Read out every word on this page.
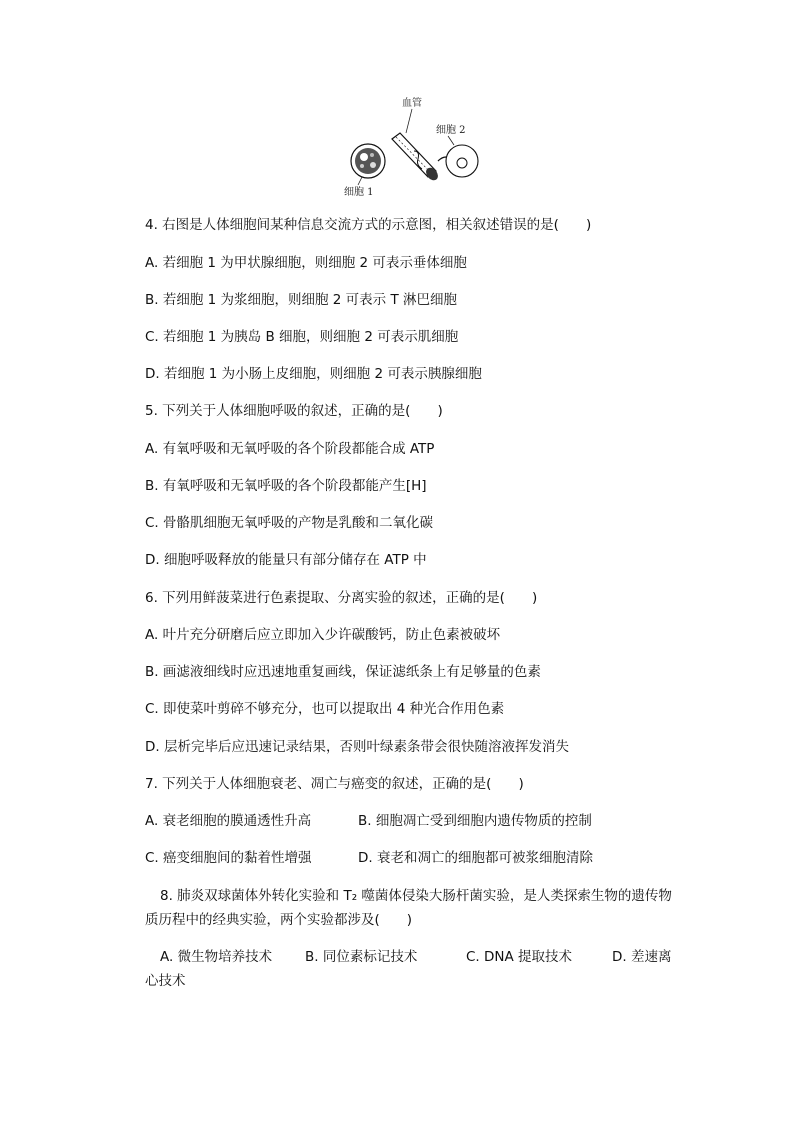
血管
细胞 2
细胞 1
4. 右图是人体细胞间某种信息交流方式的示意图，相关叙述错误的是(　　)
A. 若细胞 1 为甲状腺细胞，则细胞 2 可表示垂体细胞
B. 若细胞 1 为浆细胞，则细胞 2 可表示 T 淋巴细胞
C. 若细胞 1 为胰岛 B 细胞，则细胞 2 可表示肌细胞
D. 若细胞 1 为小肠上皮细胞，则细胞 2 可表示胰腺细胞
5. 下列关于人体细胞呼吸的叙述，正确的是(　　)
A. 有氧呼吸和无氧呼吸的各个阶段都能合成 ATP
B. 有氧呼吸和无氧呼吸的各个阶段都能产生[H]
C. 骨骼肌细胞无氧呼吸的产物是乳酸和二氧化碳
D. 细胞呼吸释放的能量只有部分储存在 ATP 中
6. 下列用鲜菠菜进行色素提取、分离实验的叙述，正确的是(　　)
A. 叶片充分研磨后应立即加入少许碳酸钙，防止色素被破坏
B. 画滤液细线时应迅速地重复画线，保证滤纸条上有足够量的色素
C. 即使菜叶剪碎不够充分，也可以提取出 4 种光合作用色素
D. 层析完毕后应迅速记录结果，否则叶绿素条带会很快随溶液挥发消失
7. 下列关于人体细胞衰老、凋亡与癌变的叙述，正确的是(　　)
A. 衰老细胞的膜通透性升高	B. 细胞凋亡受到细胞内遗传物质的控制
C. 癌变细胞间的黏着性增强	D. 衰老和凋亡的细胞都可被浆细胞清除
8. 肺炎双球菌体外转化实验和 T₂ 噬菌体侵染大肠杆菌实验，是人类探索生物的遗传物
质历程中的经典实验，两个实验都涉及(　　)
A. 微生物培养技术 B. 同位素标记技术	C. DNA 提取技术	D. 差速离
心技术
